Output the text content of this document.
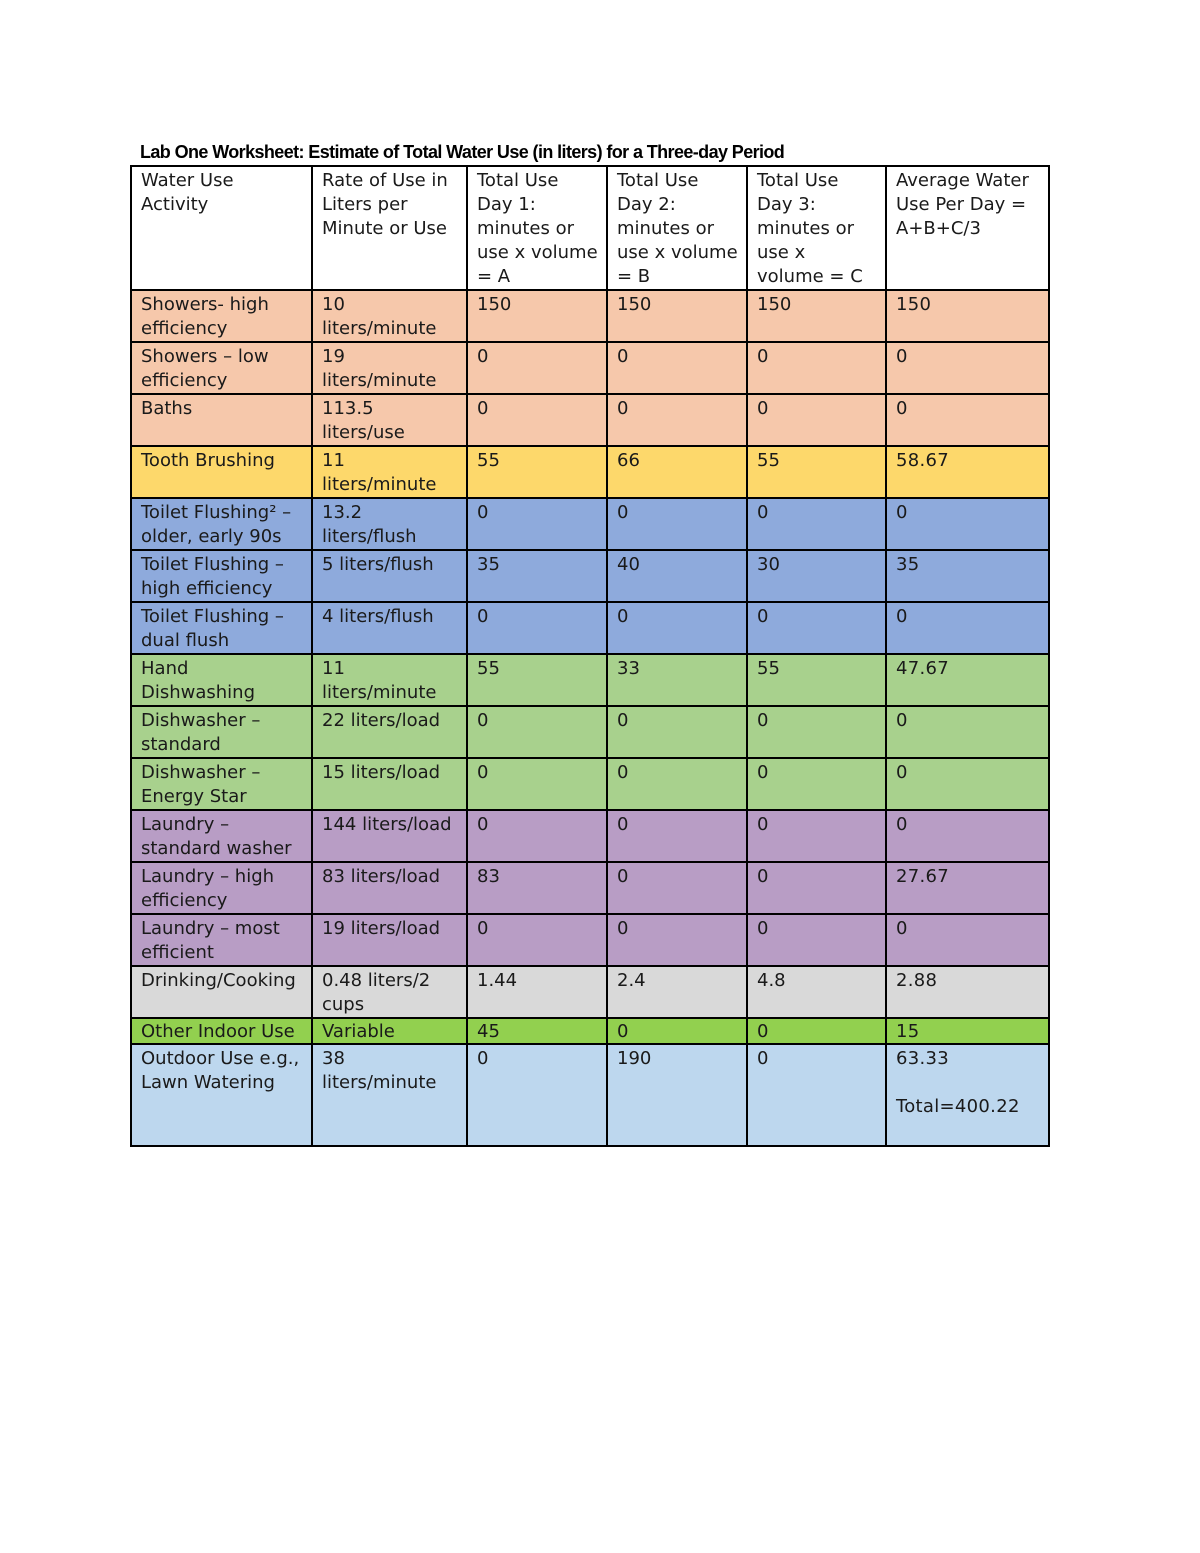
Lab One Worksheet: Estimate of Total Water Use (in liters) for a Three-day Period
Water Use Activity	Rate of Use in Liters per Minute or Use	Total Use Day 1: minutes or use x volume = A	Total Use Day 2: minutes or use x volume = B	Total Use Day 3: minutes or use x volume = C	Average Water Use Per Day = A+B+C/3
Showers- high efficiency	10 liters/minute	150	150	150	150
Showers – low efficiency	19 liters/minute	0	0	0	0
Baths	113.5 liters/use	0	0	0	0
Tooth Brushing	11 liters/minute	55	66	55	58.67
Toilet Flushing² – older, early 90s	13.2 liters/flush	0	0	0	0
Toilet Flushing – high efficiency	5 liters/flush	35	40	30	35
Toilet Flushing – dual flush	4 liters/flush	0	0	0	0
Hand Dishwashing	11 liters/minute	55	33	55	47.67
Dishwasher – standard	22 liters/load	0	0	0	0
Dishwasher – Energy Star	15 liters/load	0	0	0	0
Laundry – standard washer	144 liters/load	0	0	0	0
Laundry – high efficiency	83 liters/load	83	0	0	27.67
Laundry – most efficient	19 liters/load	0	0	0	0
Drinking/Cooking	0.48 liters/2 cups	1.44	2.4	4.8	2.88
Other Indoor Use	Variable	45	0	0	15
Outdoor Use e.g., Lawn Watering	38 liters/minute	0	190	0	63.33
Total=400.22
